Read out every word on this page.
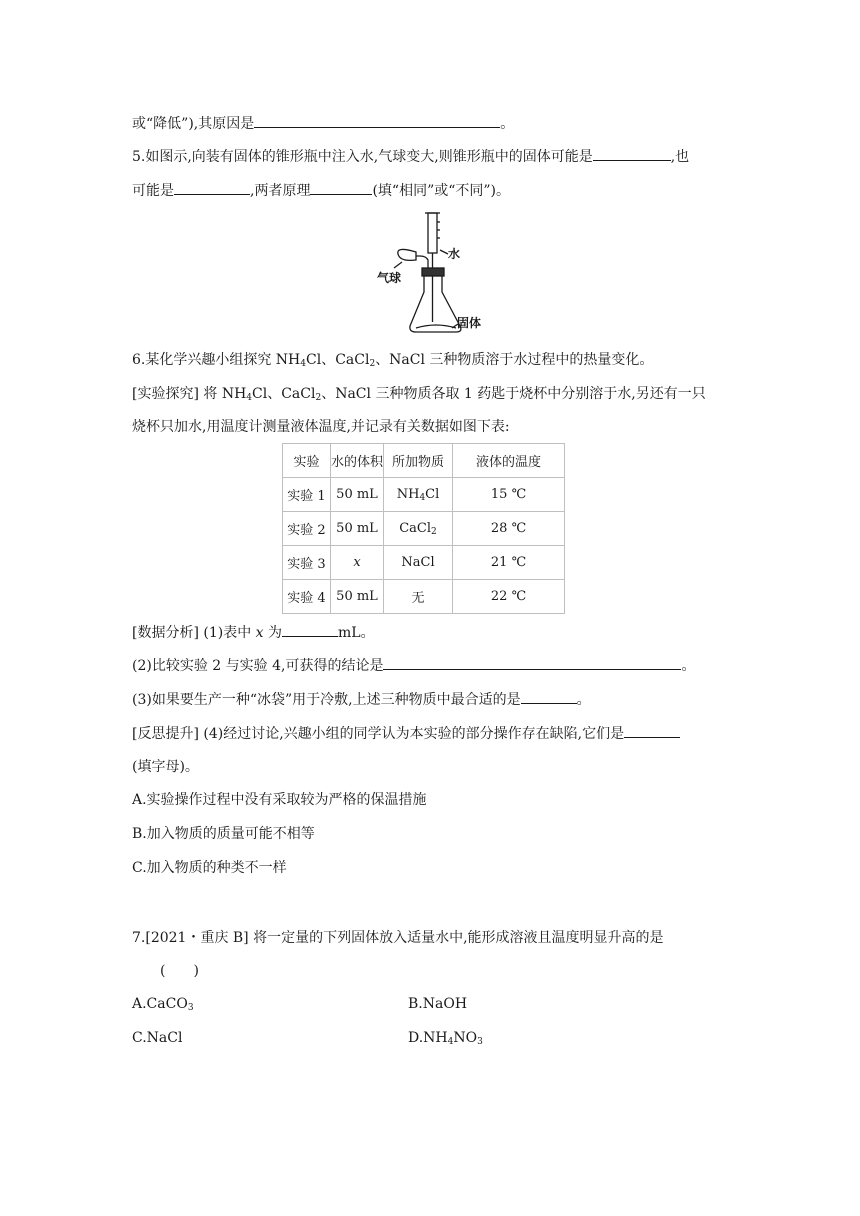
或“降低”),其原因是	。
5.如图示,向装有固体的锥形瓶中注入水,气球变大,则锥形瓶中的固体可能是	,也
可能是	,两者原理	(填“相同”或“不同”)。
水
气球
固体
6.某化学兴趣小组探究 $NH_4Cl$、CaCl$_2$、NaCl 三种物质溶于水过程中的热量变化。
[实验探究] 将 $NH_4Cl$、CaCl$_2$、NaCl 三种物质各取 1 药匙于烧杯中分别溶于水,另还有一只
烧杯只加水,用温度计测量液体温度,并记录有关数据如图下表:
实验	水的体积	所加物质	液体的温度
实验 1	50 mL	$NH_4Cl$	15 ℃
实验 2	50 mL	CaCl$_2$	28 ℃
实验 3	x	NaCl	21 ℃
实验 4	50 mL	无	22 ℃
[数据分析] (1)表中 x 为	mL。
(2)比较实验 2 与实验 4,可获得的结论是	。
(3)如果要生产一种“冰袋”用于冷敷,上述三种物质中最合适的是	。
[反思提升] (4)经过讨论,兴趣小组的同学认为本实验的部分操作存在缺陷,它们是
(填字母)。
A.实验操作过程中没有采取较为严格的保温措施
B.加入物质的质量可能不相等
C.加入物质的种类不一样
7.[2021・重庆 B] 将一定量的下列固体放入适量水中,能形成溶液且温度明显升高的是
(　　)
A.CaCO$_3$	B.NaOH
C.NaCl	$D.NH_4NO_3$
